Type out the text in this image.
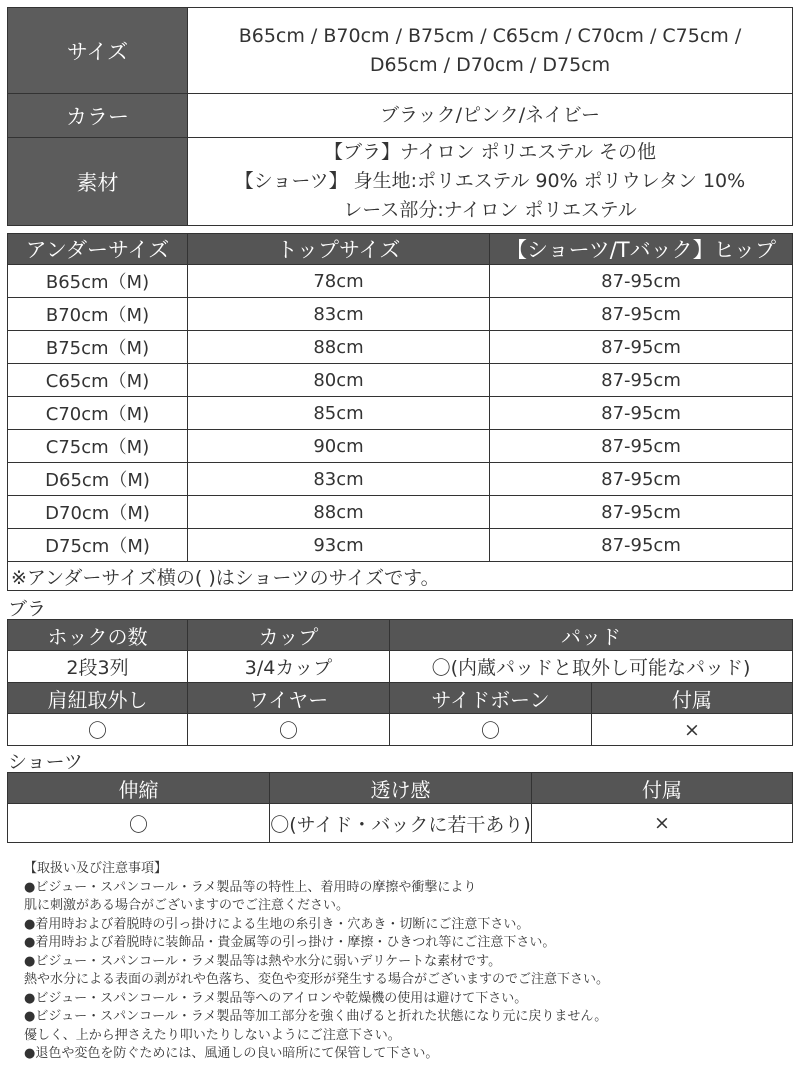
サイズ	B65cm / B70cm / B75cm / C65cm / C70cm / C75cm /
D65cm / D70cm / D75cm

カラー	ブラック/ピンク/ネイビー
素材	【ブラ】ナイロン ポリエステル その他
【ショーツ】 身生地:ポリエステル 90% ポリウレタン 10%
レース部分:ナイロン ポリエステル
アンダーサイズ	トップサイズ	【ショーツ/Tバック】ヒップ
B65cm（M)	78cm	87-95cm
B70cm（M)	83cm	87-95cm
B75cm（M)	88cm	87-95cm
C65cm（M)	80cm	87-95cm
C70cm（M)	85cm	87-95cm
C75cm（M)	90cm	87-95cm
D65cm（M)	83cm	87-95cm
D70cm（M)	88cm	87-95cm
D75cm（M)	93cm	87-95cm
※アンダーサイズ横の( )はショーツのサイズです。		
ブラ
ホックの数	カップ	パッド	
2段3列	3/4カップ	〇(内蔵パッドと取外し可能なパッド)	
肩紐取外し	ワイヤー	サイドボーン	付属
〇	〇	〇	×
ショーツ
伸縮	透け感	付属
〇	〇(サイド・バックに若干あり)	×
【取扱い及び注意事項】
●ビジュー・スパンコール・ラメ製品等の特性上、着用時の摩擦や衝撃により
肌に刺激がある場合がございますのでご注意ください。
●着用時および着脱時の引っ掛けによる生地の糸引き・穴あき・切断にご注意下さい。
●着用時および着脱時に装飾品・貴金属等の引っ掛け・摩擦・ひきつれ等にご注意下さい。
●ビジュー・スパンコール・ラメ製品等は熱や水分に弱いデリケートな素材です。
熱や水分による表面の剥がれや色落ち、変色や変形が発生する場合がございますのでご注意下さい。
●ビジュー・スパンコール・ラメ製品等へのアイロンや乾燥機の使用は避けて下さい。
●ビジュー・スパンコール・ラメ製品等加工部分を強く曲げると折れた状態になり元に戻りません。
優しく、上から押さえたり叩いたりしないようにご注意下さい。
●退色や変色を防ぐためには、風通しの良い暗所にて保管して下さい。
